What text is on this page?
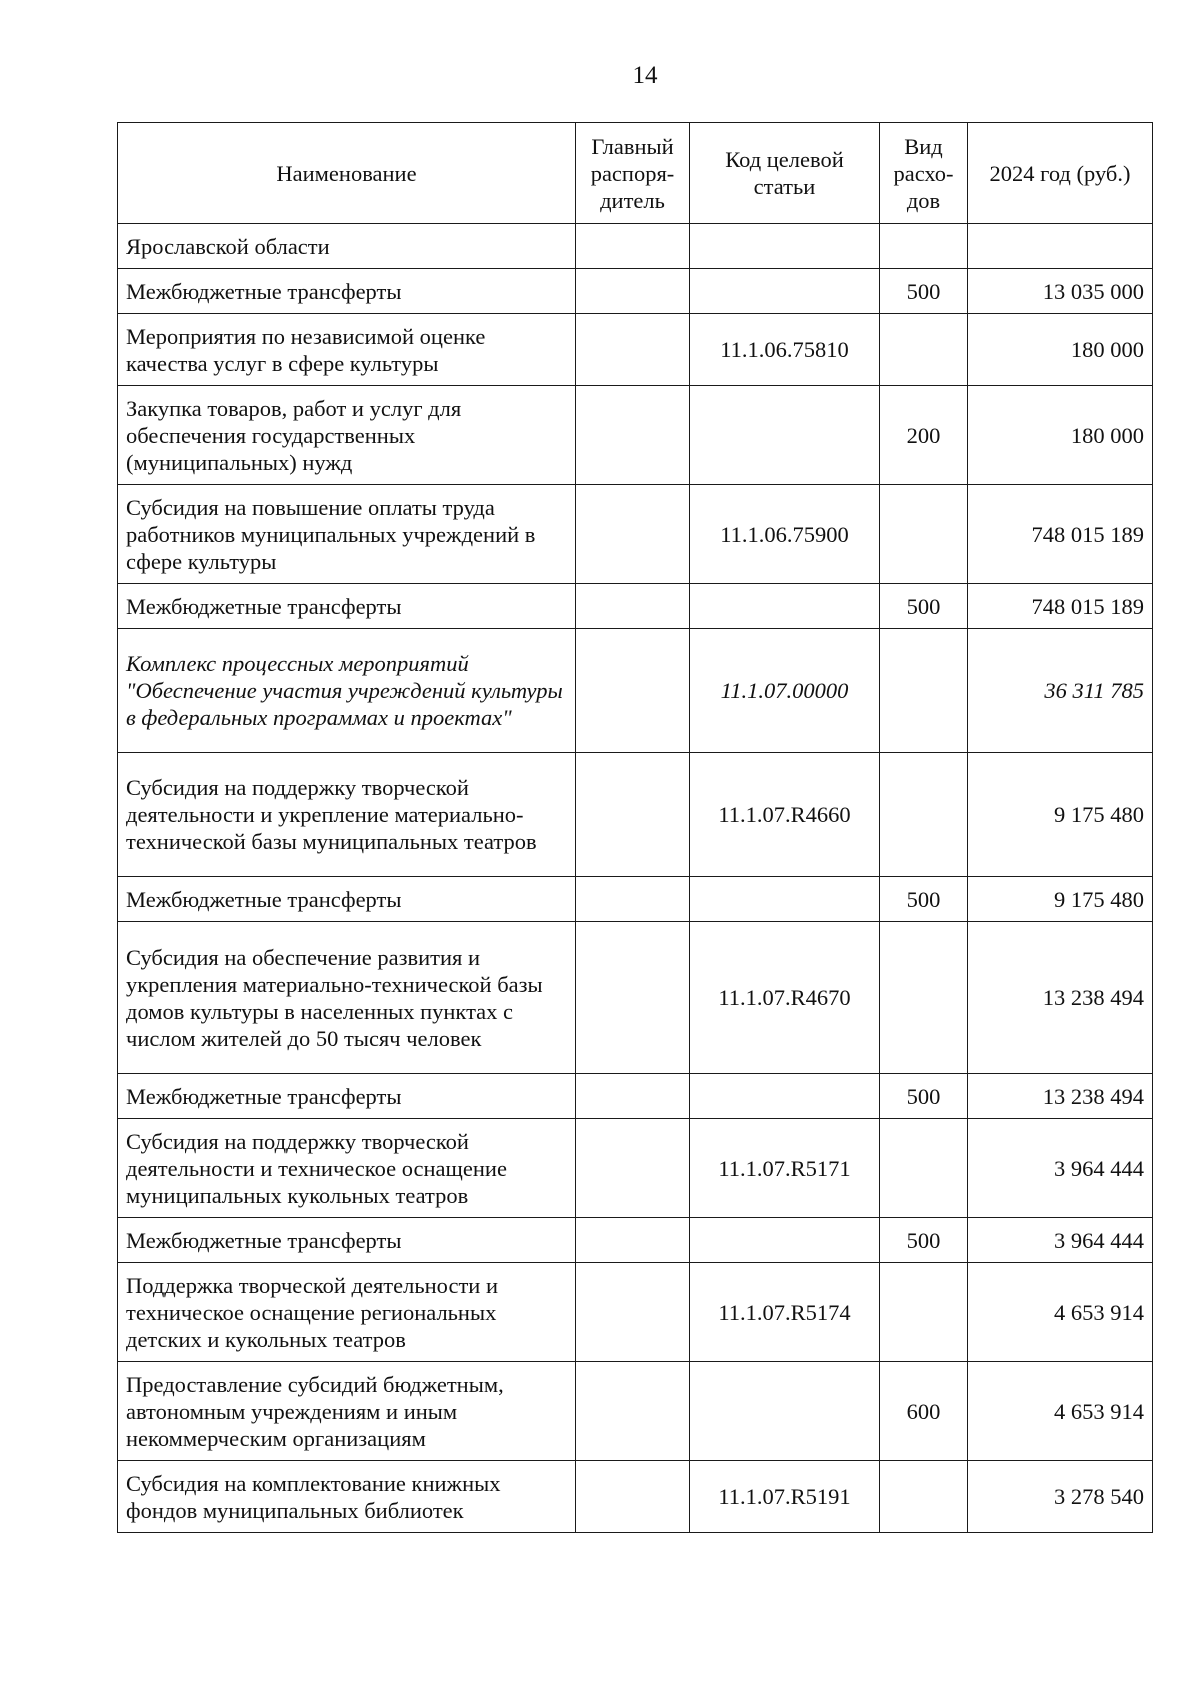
14
Наименование	Главный распоря-дитель	Код целевой статьи	Вид расхо-дов	2024 год (руб.)
Ярославской области				
Межбюджетные трансферты			500	13 035 000
Мероприятия по независимой оценке качества услуг в сфере культуры		11.1.06.75810		180 000
Закупка товаров, работ и услуг для обеспечения государственных (муниципальных) нужд			200	180 000
Субсидия на повышение оплаты труда работников муниципальных учреждений в сфере культуры		11.1.06.75900		748 015 189
Межбюджетные трансферты			500	748 015 189
Комплекс процессных мероприятий "Обеспечение участия учреждений культуры в федеральных программах и проектах"		11.1.07.00000		36 311 785
Субсидия на поддержку творческой деятельности и укрепление материально-технической базы муниципальных театров		11.1.07.R4660		9 175 480
Межбюджетные трансферты			500	9 175 480
Субсидия на обеспечение развития и укрепления материально-технической базы домов культуры в населенных пунктах с числом жителей до 50 тысяч человек		11.1.07.R4670		13 238 494
Межбюджетные трансферты			500	13 238 494
Субсидия на поддержку творческой деятельности и техническое оснащение муниципальных кукольных театров		11.1.07.R5171		3 964 444
Межбюджетные трансферты			500	3 964 444
Поддержка творческой деятельности и техническое оснащение региональных детских и кукольных театров		11.1.07.R5174		4 653 914
Предоставление субсидий бюджетным, автономным учреждениям и иным некоммерческим организациям			600	4 653 914
Субсидия на комплектование книжных фондов муниципальных библиотек		11.1.07.R5191		3 278 540
